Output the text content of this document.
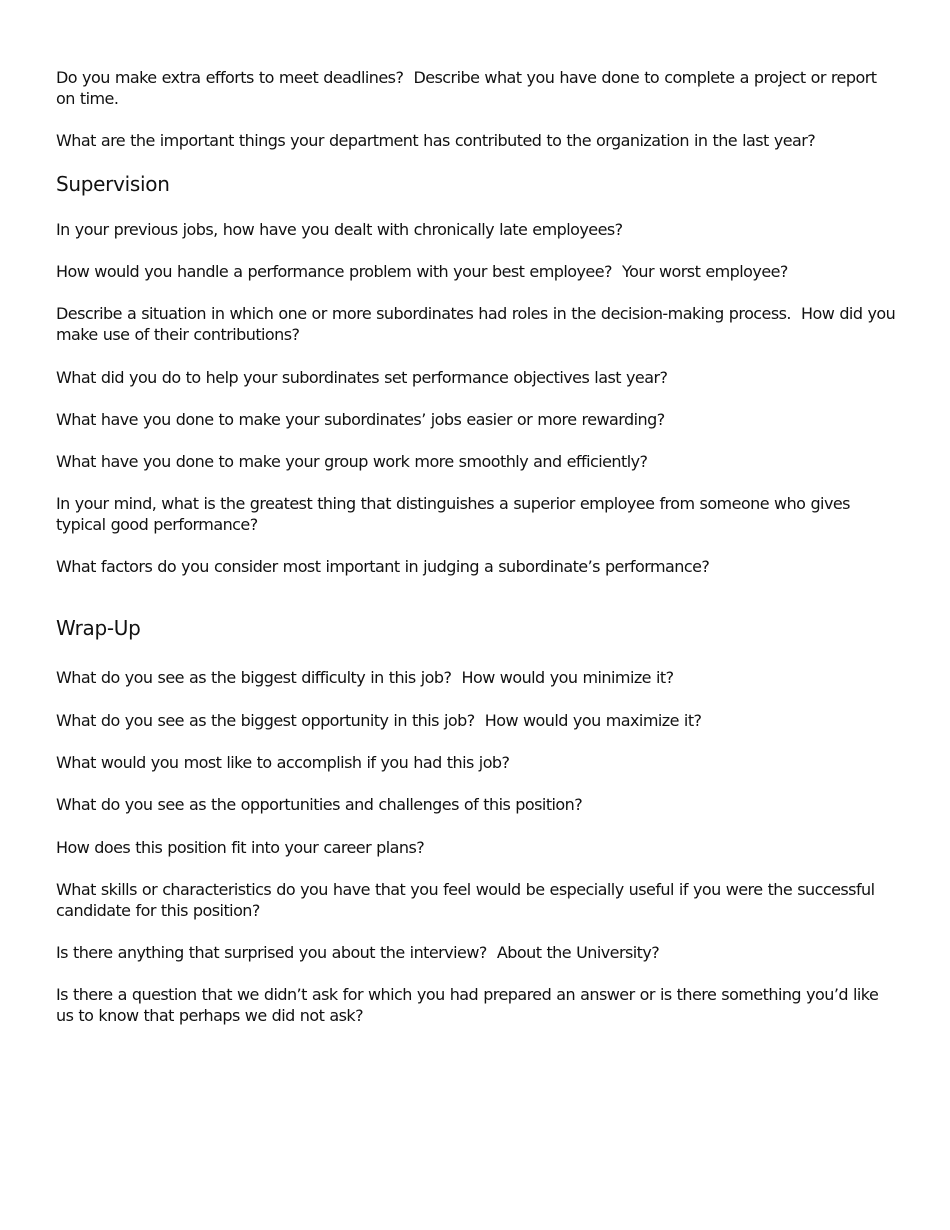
Do you make extra efforts to meet deadlines?  Describe what you have done to complete a project or report on time.

What are the important things your department has contributed to the organization in the last year?

Supervision

In your previous jobs, how have you dealt with chronically late employees?

How would you handle a performance problem with your best employee?  Your worst employee?

Describe a situation in which one or more subordinates had roles in the decision-making process.  How did you make use of their contributions?

What did you do to help your subordinates set performance objectives last year?

What have you done to make your subordinates’ jobs easier or more rewarding?

What have you done to make your group work more smoothly and efficiently?

In your mind, what is the greatest thing that distinguishes a superior employee from someone who gives typical good performance?

What factors do you consider most important in judging a subordinate’s performance?

Wrap-Up

What do you see as the biggest difficulty in this job?  How would you minimize it?

What do you see as the biggest opportunity in this job?  How would you maximize it?

What would you most like to accomplish if you had this job?

What do you see as the opportunities and challenges of this position?

How does this position fit into your career plans?

What skills or characteristics do you have that you feel would be especially useful if you were the successful candidate for this position?

Is there anything that surprised you about the interview?  About the University?

Is there a question that we didn’t ask for which you had prepared an answer or is there something you’d like us to know that perhaps we did not ask?
